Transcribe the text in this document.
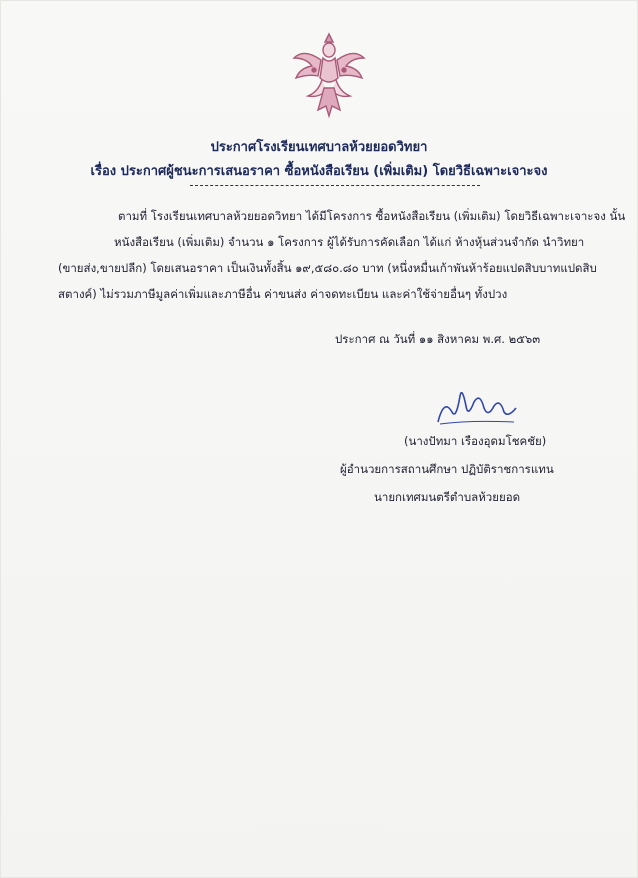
ประกาศโรงเรียนเทศบาลห้วยยอดวิทยา
เรื่อง ประกาศผู้ชนะการเสนอราคา ซื้อหนังสือเรียน (เพิ่มเติม) โดยวิธีเฉพาะเจาะจง
ตามที่ โรงเรียนเทศบาลห้วยยอดวิทยา ได้มีโครงการ ซื้อหนังสือเรียน (เพิ่มเติม) โดยวิธีเฉพาะเจาะจง นั้น
หนังสือเรียน (เพิ่มเติม) จำนวน ๑ โครงการ ผู้ได้รับการคัดเลือก ได้แก่ ห้างหุ้นส่วนจำกัด นำวิทยา
(ขายส่ง,ขายปลีก) โดยเสนอราคา เป็นเงินทั้งสิ้น ๑๙,๕๘๐.๘๐ บาท (หนึ่งหมื่นเก้าพันห้าร้อยแปดสิบบาทแปดสิบ
สตางค์) ไม่รวมภาษีมูลค่าเพิ่มและภาษีอื่น ค่าขนส่ง ค่าจดทะเบียน และค่าใช้จ่ายอื่นๆ ทั้งปวง
ประกาศ ณ วันที่ ๑๑ สิงหาคม พ.ศ. ๒๕๖๓
(นางปัทมา เรืองอุดมโชคชัย)
ผู้อำนวยการสถานศึกษา ปฏิบัติราชการแทน
นายกเทศมนตรีตำบลห้วยยอด
